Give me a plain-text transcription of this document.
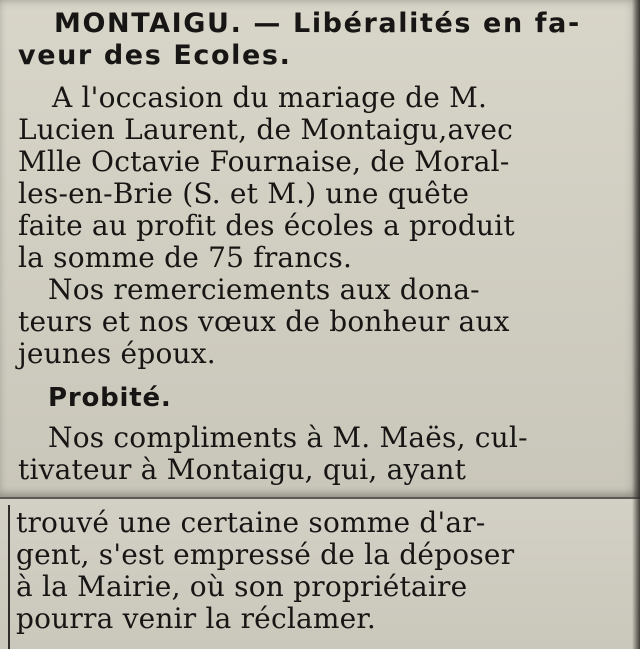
MONTAIGU. — Libéralités en fa-

veur des Ecoles.

A l'occasion du mariage de M.

Lucien Laurent, de Montaigu,avec

Mlle Octavie Fournaise, de Moral-

les-en-Brie (S. et M.) une quête

faite au profit des écoles a produit

la somme de 75 francs.

Nos remerciements aux dona-

teurs et nos vœux de bonheur aux

jeunes époux.

Probité.

Nos compliments à M. Maës, cul-

tivateur à Montaigu, qui, ayant

trouvé une certaine somme d'ar-

gent, s'est empressé de la déposer

à la Mairie, où son propriétaire

pourra venir la réclamer.
